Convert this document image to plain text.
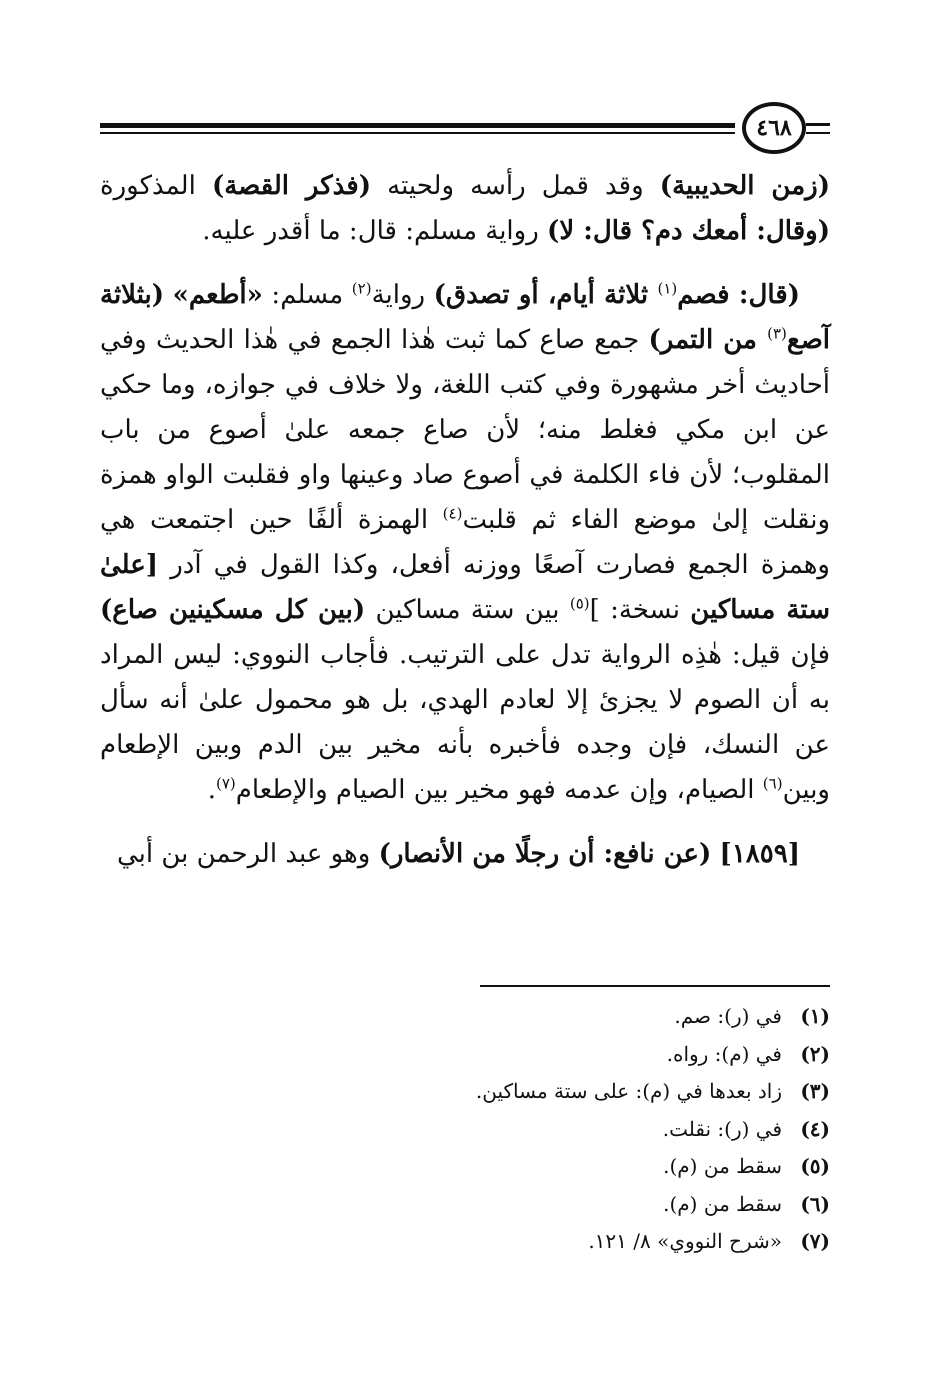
٤٦٨

(زمن الحديبية) وقد قمل رأسه ولحيته (فذكر القصة) المذكورة (وقال: أمعك دم؟ قال: لا) رواية مسلم: قال: ما أقدر عليه.

(قال: فصم$^{(١)}$ ثلاثة أيام، أو تصدق) رواية$^{(٢)}$ مسلم: «أطعم» (بثلاثة آصع$^{(٣)}$ من التمر) جمع صاع كما ثبت هٰذا الجمع في هٰذا الحديث وفي أحاديث أخر مشهورة وفي كتب اللغة، ولا خلاف في جوازه، وما حكي عن ابن مكي فغلط منه؛ لأن صاع جمعه علىٰ أصوع من باب المقلوب؛ لأن فاء الكلمة في أصوع صاد وعينها واو فقلبت الواو همزة ونقلت إلىٰ موضع الفاء ثم قلبت$^{(٤)}$ الهمزة ألفًا حين اجتمعت هي وهمزة الجمع فصارت آصعًا ووزنه أفعل، وكذا القول في آدر [علىٰ ستة مساكين نسخة: ]$^{(٥)}$ بين ستة مساكين (بين كل مسكينين صاع) فإن قيل: هٰذِه الرواية تدل على الترتيب. فأجاب النووي: ليس المراد به أن الصوم لا يجزئ إلا لعادم الهدي، بل هو محمول علىٰ أنه سأل عن النسك، فإن وجده فأخبره بأنه مخير بين الدم وبين الإطعام وبين$^{(٦)}$ الصيام، وإن عدمه فهو مخير بين الصيام والإطعام$^{(٧)}$.

[١٨٥٩] (عن نافع: أن رجلًا من الأنصار) وهو عبد الرحمن بن أبي

(١)
في (ر): صم.
(٢)
في (م): رواه.
(٣)
زاد بعدها في (م): على ستة مساكين.
(٤)
في (ر): نقلت.
(٥)
سقط من (م).
(٦)
سقط من (م).
(٧)
«شرح النووي» ٨/ ١٢١.
